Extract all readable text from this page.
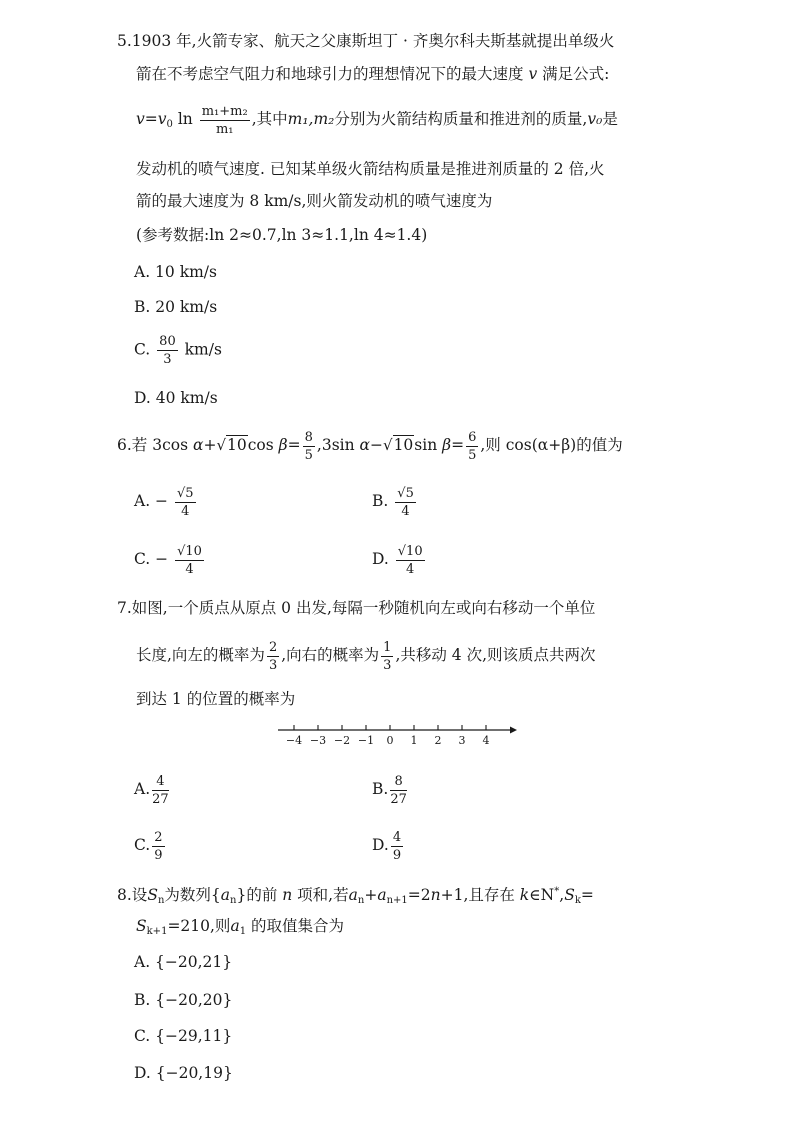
5.1903 年,火箭专家、航天之父康斯坦丁 · 齐奥尔科夫斯基就提出单级火
箭在不考虑空气阻力和地球引力的理想情况下的最大速度 v 满足公式:
$v=v_0$ $\ln \frac{\text{m₁+m₂}}{\text{m₁}}$ ,其中m₁,m₂分别为火箭结构质量和推进剂的质量,v₀是
发动机的喷气速度. 已知某单级火箭结构质量是推进剂质量的 2 倍,火
箭的最大速度为 8 km/s,则火箭发动机的喷气速度为
(参考数据:ln 2≈0.7,ln 3≈1.1,ln 4≈1.4)
A. 10 km/s
B. 20 km/s
C. $\frac{80}{3} km/s$
D. 40 km/s
6.若 3cos α+√10cos $\beta= \frac{8}{5} ,3\sin$ α−√10sin $\beta= \frac{6}{5}$ ,则 cos(α+β)的值为
A. − $\frac{√5}{4}$	B. $\frac{√5}{4}$
C. − $\frac{√10}{4}$	D. $\frac{√10}{4}$
7.如图,一个质点从原点 0 出发,每隔一秒随机向左或向右移动一个单位
长度,向左的概率为 $\frac{2}{3}$ ,向右的概率为 $\frac{1}{3}$ ,共移动 4 次,则该质点共两次
到达 1 的位置的概率为
−4 −3 −2 −1 0 1 2 3 4
A. $\frac{4}{27}$	B. $\frac{8}{27}$
C. $\frac{2}{9}$	D. $\frac{4}{9}$
8.设$S_n$为数列$\{a_n\}$的前 n 项和,若$a_n+a_{n+1}=2n+1$,且存在 $k\in N^*,S_k=$
$S_{k+1}=210$,则$a_1$ 的取值集合为
A. {−20,21}
B. {−20,20}
C. {−29,11}
D. {−20,19}
